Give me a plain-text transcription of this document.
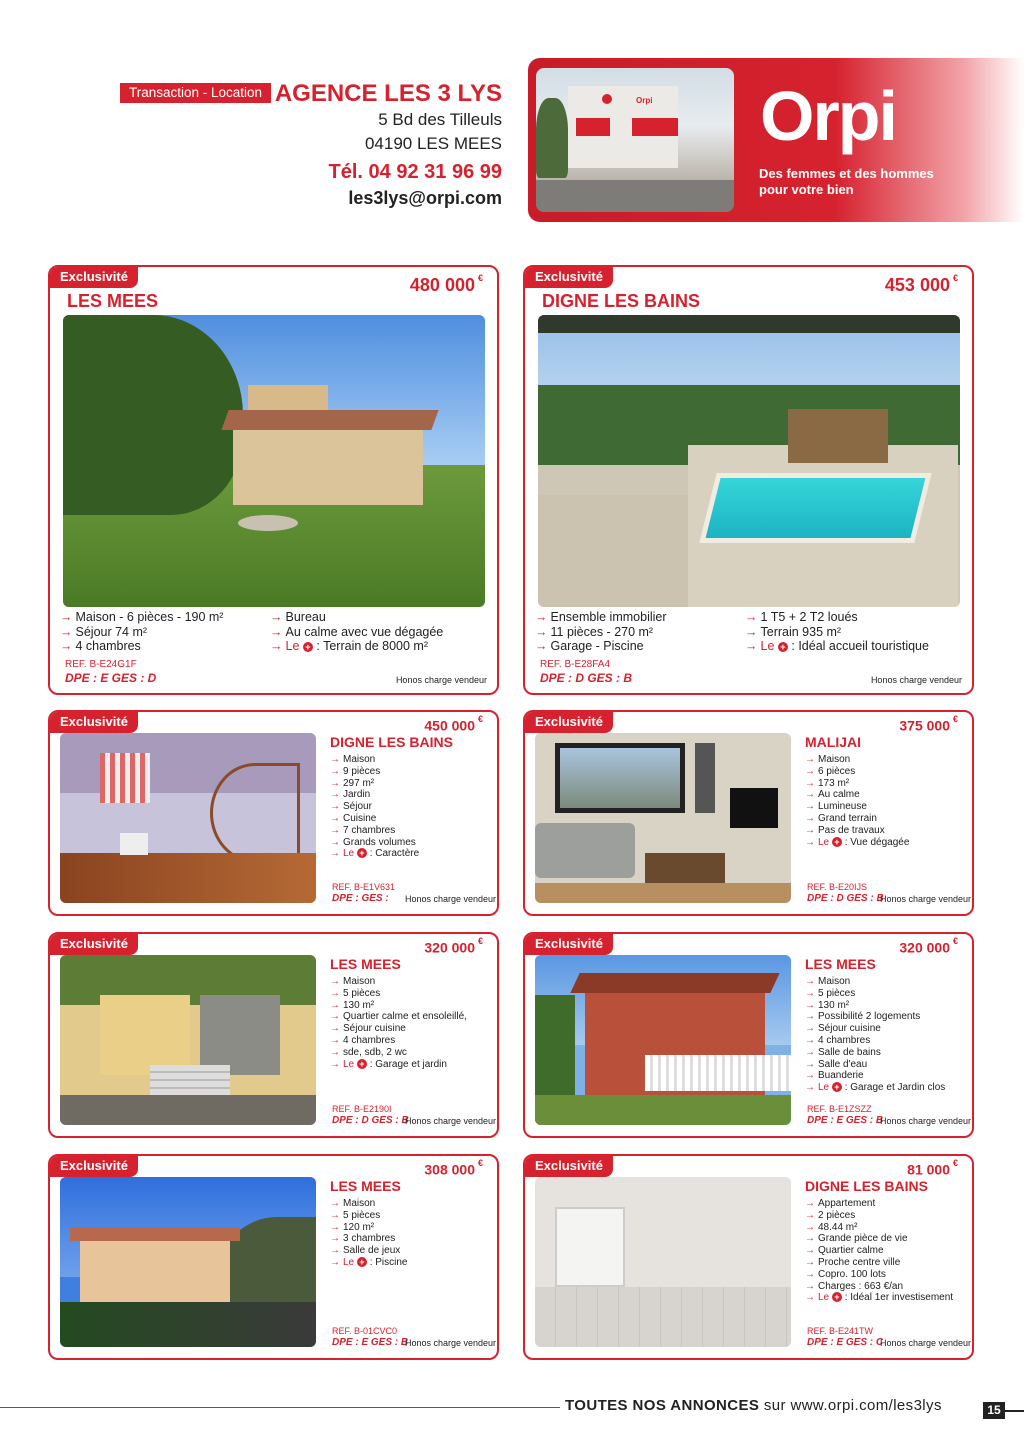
Transaction - Location AGENCE LES 3 LYS
5 Bd des Tilleuls
04190 LES MEES
Tél. 04 92 31 96 99
les3lys@orpi.com
Orpi Orpi
Des femmes et des hommes
pour votre bien
Exclusivité
LES MEES
480 000 €
→ Maison - 6 pièces - 190 m²
→ Séjour 74 m²
→ 4 chambres
→ Bureau
→ Au calme avec vue dégagée
→ Le + : Terrain de 8000 m²
REF. B-E24G1F
DPE : E GES : D	Honos charge vendeur
Exclusivité
DIGNE LES BAINS
453 000 €
→ Ensemble immobilier
→ 11 pièces - 270 m²
→ Garage - Piscine
→ 1 T5 + 2 T2 loués
→ Terrain 935 m²
→ Le + : Idéal accueil touristique
REF. B-E28FA4
DPE : D GES : B	Honos charge vendeur
Exclusivité
DIGNE LES BAINS
450 000 €
→ Maison
→ 9 pièces
→ 297 m²
→ Jardin
→ Séjour
→ Cuisine
→ 7 chambres
→ Grands volumes
→ Le + : Caractère
REF. B-E1V631
DPE : GES : Honos charge vendeur
Exclusivité
MALIJAI
375 000 €
→ Maison
→ 6 pièces
→ 173 m²
→ Au calme
→ Lumineuse
→ Grand terrain
→ Pas de travaux
→ Le + : Vue dégagée
REF. B-E20IJS
DPE : D GES : B
Honos charge vendeur
Exclusivité
LES MEES
320 000 €
→ Maison
→ 5 pièces
→ 130 m²
→ Quartier calme et ensoleillé,
→ Séjour cuisine
→ 4 chambres
→ sde, sdb, 2 wc
→ Le + : Garage et jardin
REF. B-E2190I
DPE : D GES : B
Honos charge vendeur
Exclusivité
LES MEES
320 000 €
→ Maison
→ 5 pièces
→ 130 m²
→ Possibilité 2 logements
→ Séjour cuisine
→ 4 chambres
→ Salle de bains
→ Salle d'eau
→ Buanderie
→ Le + : Garage et Jardin clos
REF. B-E1ZSZZ
DPE : E GES : B
Honos charge vendeur
Exclusivité
LES MEES
308 000 €
→ Maison
→ 5 pièces
→ 120 m²
→ 3 chambres
→ Salle de jeux
→ Le + : Piscine
REF. B-01CVC0
DPE : E GES : B
Honos charge vendeur
Exclusivité
DIGNE LES BAINS
81 000 €
→ Appartement
→ 2 pièces
→ 48.44 m²
→ Grande pièce de vie
→ Quartier calme
→ Proche centre ville
→ Copro. 100 lots
→ Charges : 663 €/an
→ Le + : Idéal 1er investisement
REF. B-E241TW
DPE : E GES : C
Honos charge vendeur
TOUTES NOS ANNONCES sur www.orpi.com/les3lys	15
